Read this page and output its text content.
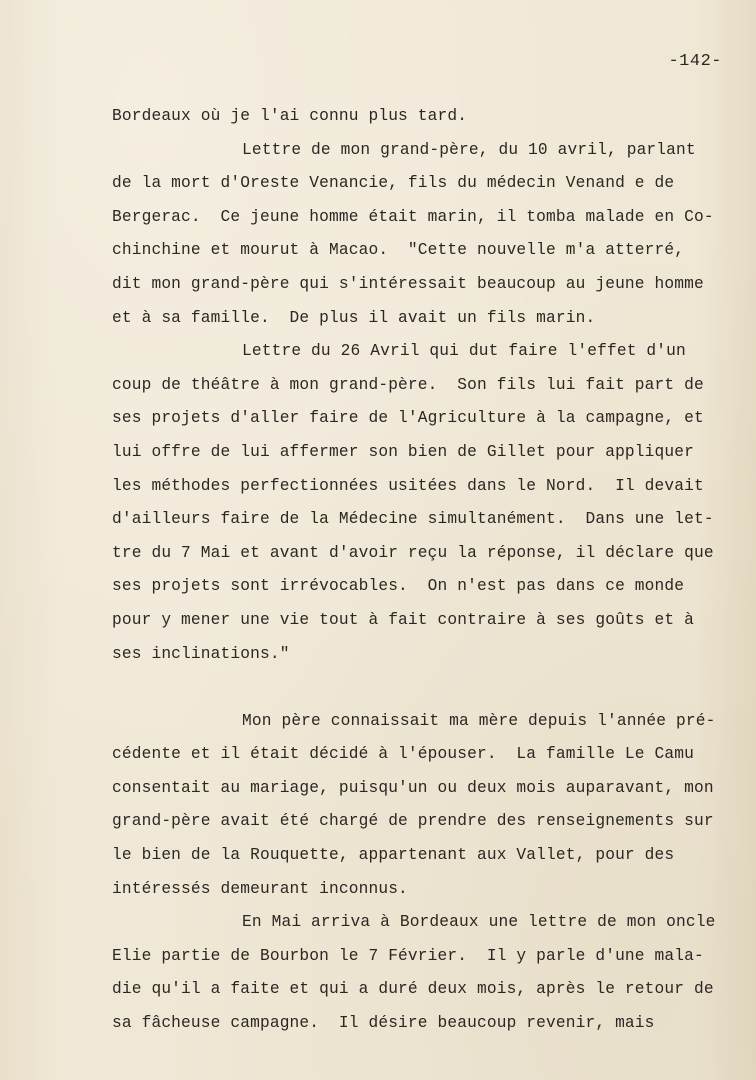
-142-
Bordeaux où je l'ai connu plus tard.
Lettre de mon grand-père, du 10 avril, parlant
de la mort d'Oreste Venancie, fils du médecin Venand e de
Bergerac.  Ce jeune homme était marin, il tomba malade en Co-
chinchine et mourut à Macao.  "Cette nouvelle m'a atterré,
dit mon grand-père qui s'intéressait beaucoup au jeune homme
et à sa famille.  De plus il avait un fils marin.
Lettre du 26 Avril qui dut faire l'effet d'un
coup de théâtre à mon grand-père.  Son fils lui fait part de
ses projets d'aller faire de l'Agriculture à la campagne, et
lui offre de lui affermer son bien de Gillet pour appliquer
les méthodes perfectionnées usitées dans le Nord.  Il devait
d'ailleurs faire de la Médecine simultanément.  Dans une let-
tre du 7 Mai et avant d'avoir reçu la réponse, il déclare que
ses projets sont irrévocables.  On n'est pas dans ce monde
pour y mener une vie tout à fait contraire à ses goûts et à
ses inclinations."
Mon père connaissait ma mère depuis l'année pré-
cédente et il était décidé à l'épouser.  La famille Le Camu
consentait au mariage, puisqu'un ou deux mois auparavant, mon
grand-père avait été chargé de prendre des renseignements sur
le bien de la Rouquette, appartenant aux Vallet, pour des
intéressés demeurant inconnus.
En Mai arriva à Bordeaux une lettre de mon oncle
Elie partie de Bourbon le 7 Février.  Il y parle d'une mala-
die qu'il a faite et qui a duré deux mois, après le retour de
sa fâcheuse campagne.  Il désire beaucoup revenir, mais
